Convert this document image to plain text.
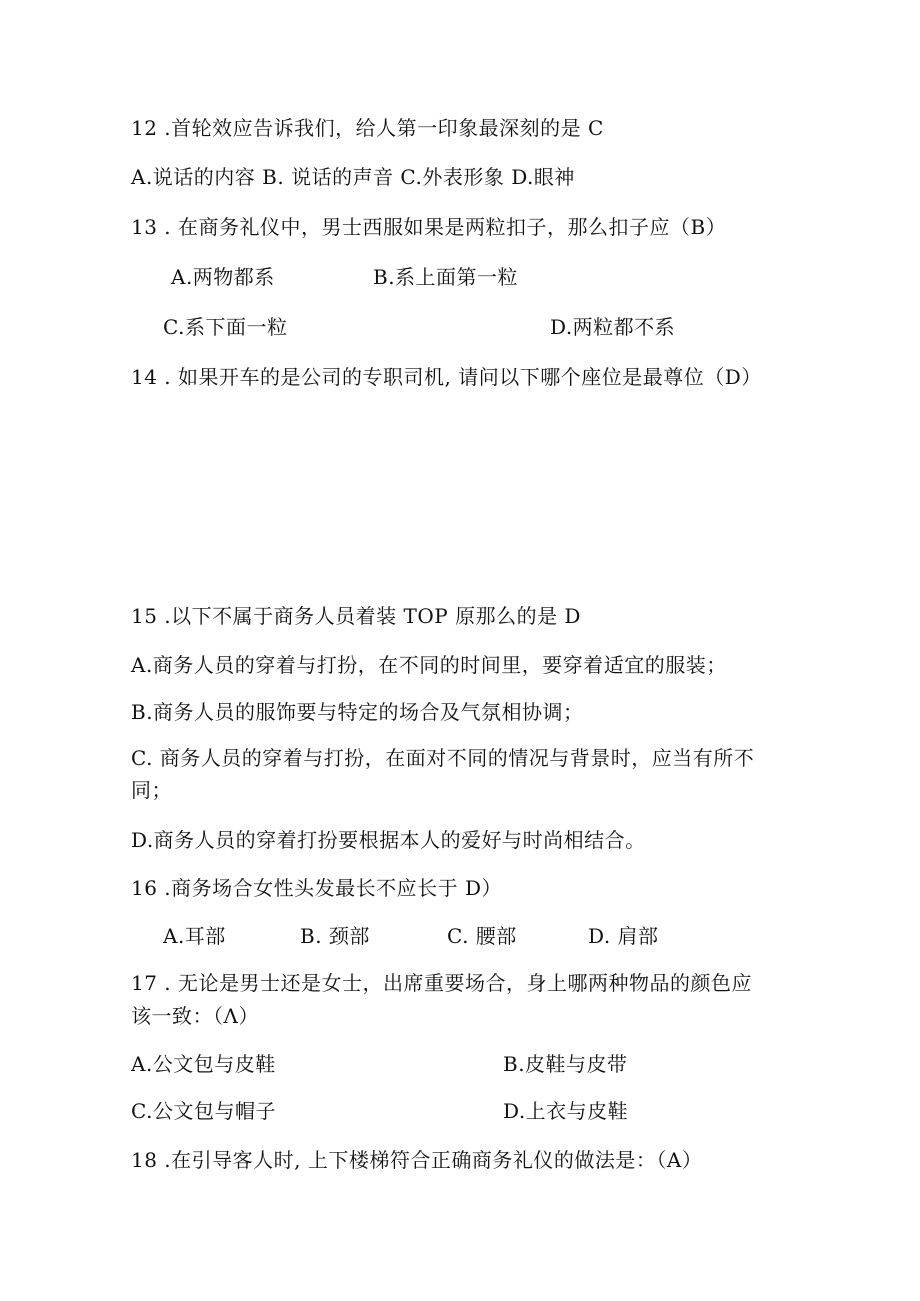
12 .首轮效应告诉我们，给人第一印象最深刻的是 C
A.说话的内容 B. 说话的声音 C.外表形象 D.眼神
13 . 在商务礼仪中，男士西服如果是两粒扣子，那么扣子应（B）
A.两物都系	B.系上面第一粒
C.系下面一粒	D.两粒都不系
14 . 如果开车的是公司的专职司机, 请问以下哪个座位是最尊位（D）
15 .以下不属于商务人员着装 TOP 原那么的是 D
A.商务人员的穿着与打扮，在不同的时间里，要穿着适宜的服装；
B.商务人员的服饰要与特定的场合及气氛相协调；
C. 商务人员的穿着与打扮，在面对不同的情况与背景时，应当有所不
同；
D.商务人员的穿着打扮要根据本人的爱好与时尚相结合。
16 .商务场合女性头发最长不应长于 D）
A.耳部	B. 颈部	C. 腰部	D. 肩部
17 . 无论是男士还是女士，出席重要场合，身上哪两种物品的颜色应
该一致：（Λ）
A.公文包与皮鞋	B.皮鞋与皮带
C.公文包与帽子	D.上衣与皮鞋
18 .在引导客人时, 上下楼梯符合正确商务礼仪的做法是：（A）
